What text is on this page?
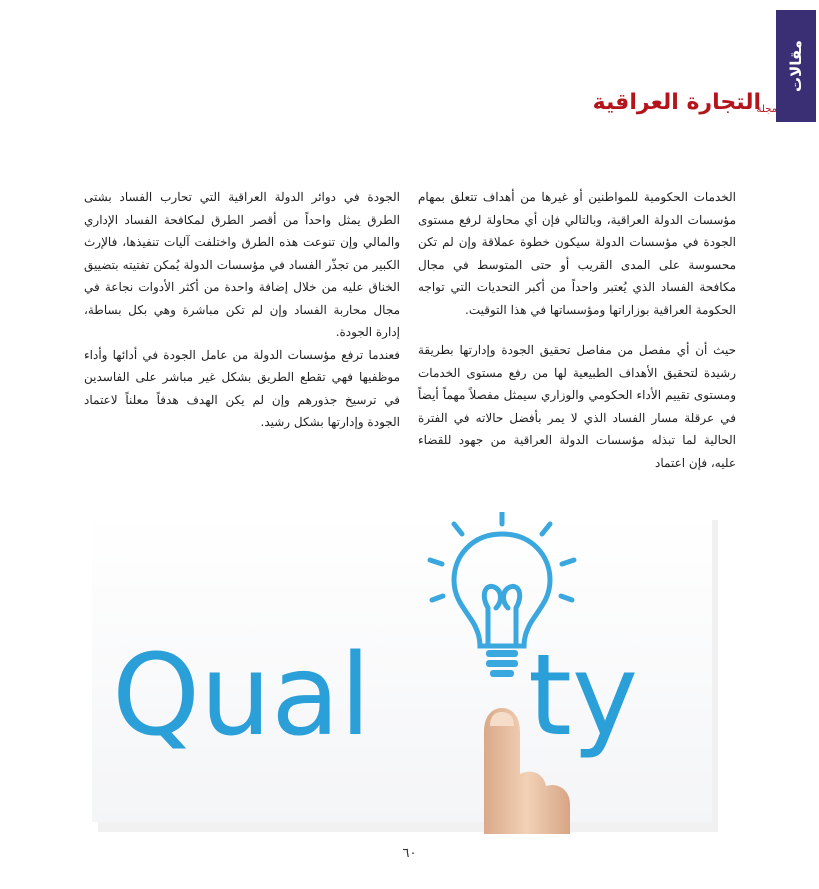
مقالات
التجارة العراقية
مجلة

الخدمات الحكومية للمواطنين أو غيرها من أهداف تتعلق بمهام مؤسسات الدولة العراقية، وبالتالي فإن أي محاولة لرفع مستوى الجودة في مؤسسات الدولة سيكون خطوة عملاقة وإن لم تكن محسوسة على المدى القريب أو حتى المتوسط في مجال مكافحة الفساد الذي يُعتبر واحداً من أكبر التحديات التي تواجه الحكومة العراقية بوزاراتها ومؤسساتها في هذا التوقيت.

حيث أن أي مفصل من مفاصل تحقيق الجودة وإدارتها بطريقة رشيدة لتحقيق الأهداف الطبيعية لها من رفع مستوى الخدمات ومستوى تقييم الأداء الحكومي والوزاري سيمثل مفصلاً مهماً أيضاً في عرقلة مسار الفساد الذي لا يمر بأفضل حالاته في الفترة الحالية لما تبذله مؤسسات الدولة العراقية من جهود للقضاء عليه، فإن اعتماد

الجودة في دوائر الدولة العراقية التي تحارب الفساد بشتى الطرق يمثل واحداً من أقصر الطرق لمكافحة الفساد الإداري والمالي وإن تنوعت هذه الطرق واختلفت آليات تنفيذها، فالإرث الكبير من تجذّر الفساد في مؤسسات الدولة يُمكن تفتيته بتضييق الخناق عليه من خلال إضافة واحدة من أكثر الأدوات نجاعة في مجال محاربة الفساد وإن لم تكن مباشرة وهي بكل بساطة، إدارة الجودة.

فعندما ترفع مؤسسات الدولة من عامل الجودة في أدائها وأداء موظفيها فهي تقطع الطريق بشكل غير مباشر على الفاسدين في ترسيخ جذورهم وإن لم يكن الهدف هدفاً معلناً لاعتماد الجودة وإدارتها بشكل رشيد.

Qual ty
٦٠
